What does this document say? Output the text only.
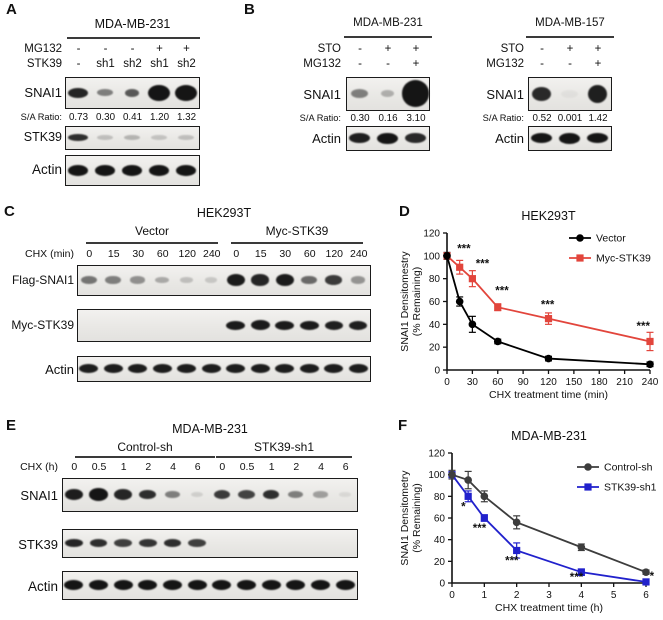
A	B
C	D
E	F
HEK293T
0 30 60 90 120 150 180 210 240
0
20
40
60
80
100
120
CHX treatment time (min)
SNAI1 Densitomestry (% Remaining)
***
***
***
***
***
Vector
Myc-STK39
MDA-MB-231
0	1	2	3	4	5	6
0
20
40
60
80
100
120
CHX treatment time (h)
SNAI1 Densitometry (% Remaining)	*
***
***
***	*
Control-sh
STK39-sh1
MDA-MB-231
MG132	-	-	-	+	+
STK39	-	sh1 sh2 sh1 sh2
SNAI1
S/A Ratio: 0.73 0.30 0.41 1.20 1.32
STK39
Actin
MDA-MB-231
STO	-	+	+
MG132	-	-	+
SNAI1
S/A Ratio: 0.30 0.16 3.10
Actin
MDA-MB-157
STO	-	+	+
MG132	-	-	+
SNAI1
S/A Ratio: 0.52 0.001 1.42
Actin
HEK293T
Vector	Myc-STK39
CHX (min)	0	15	30	60 120 240	0	15	30	60 120 240
Flag-SNAI1
Myc-STK39
Actin
MDA-MB-231
Control-sh	STK39-sh1
CHX (h)	0	0.5	1	2	4	6	0	0.5	1	2	4	6
SNAI1
STK39
Actin
